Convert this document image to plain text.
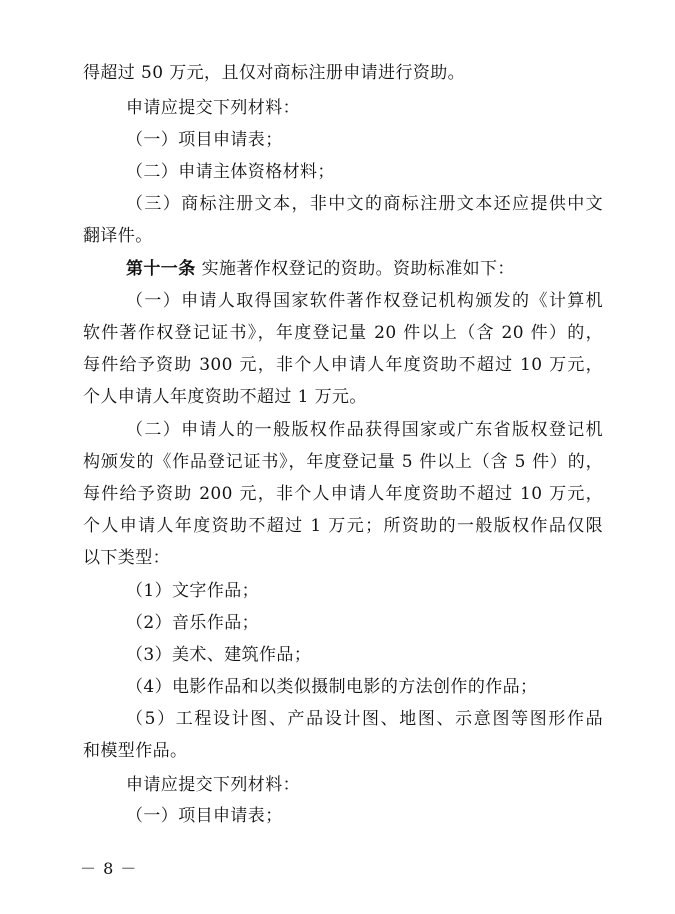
得超过 50 万元，且仅对商标注册申请进行资助。
申请应提交下列材料：
（一）项目申请表；
（二）申请主体资格材料；
（三）商标注册文本，非中文的商标注册文本还应提供中文
翻译件。
第十一条 实施著作权登记的资助。资助标准如下：
（一）申请人取得国家软件著作权登记机构颁发的《计算机
软件著作权登记证书》，年度登记量 20 件以上（含 20 件）的，
每件给予资助 300 元，非个人申请人年度资助不超过 10 万元，
个人申请人年度资助不超过 1 万元。
（二）申请人的一般版权作品获得国家或广东省版权登记机
构颁发的《作品登记证书》，年度登记量 5 件以上（含 5 件）的，
每件给予资助 200 元，非个人申请人年度资助不超过 10 万元，
个人申请人年度资助不超过 1 万元；所资助的一般版权作品仅限
以下类型：
（1）文字作品；
（2）音乐作品；
（3）美术、建筑作品；
（4）电影作品和以类似摄制电影的方法创作的作品；
（5）工程设计图、产品设计图、地图、示意图等图形作品
和模型作品。
申请应提交下列材料：
（一）项目申请表；
－ 8 －
